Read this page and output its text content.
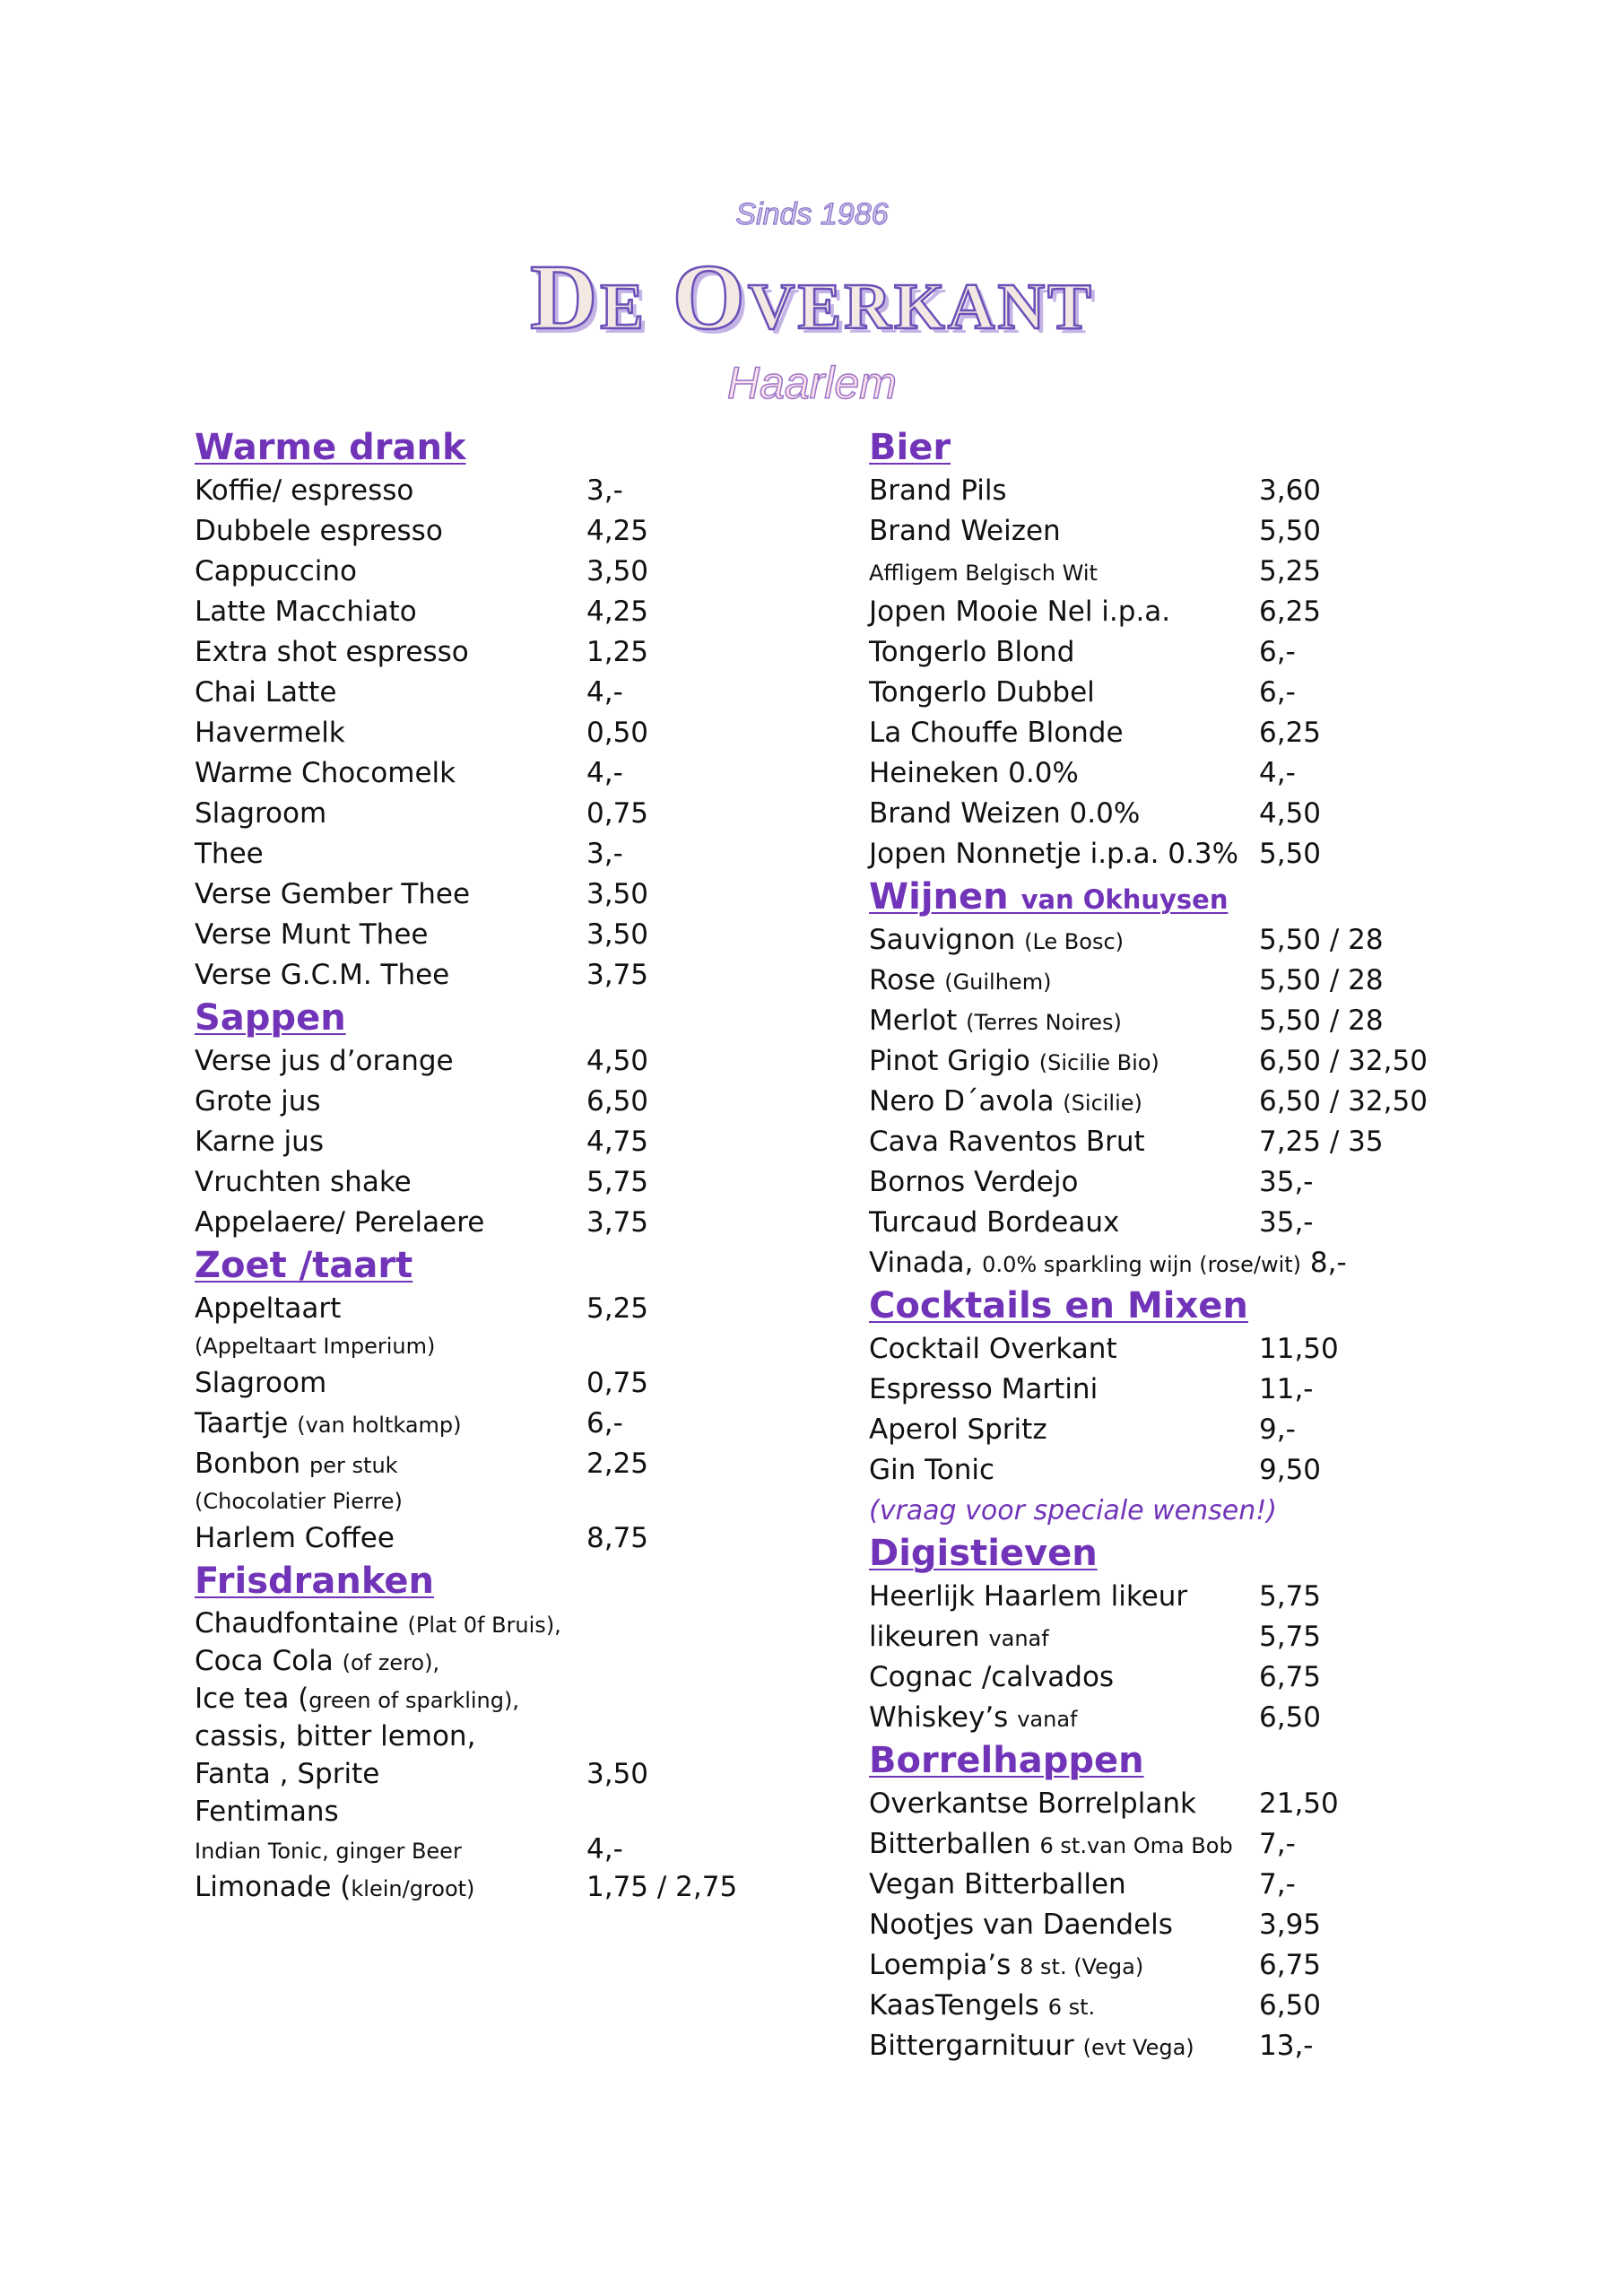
Sinds 1986
De Overkant
Haarlem
Warme drank
Koffie/ espresso	3,-
Dubbele espresso	4,25
Cappuccino	3,50
Latte Macchiato	4,25
Extra shot espresso	1,25
Chai Latte	4,-
Havermelk	0,50
Warme Chocomelk	4,-
Slagroom	0,75
Thee	3,-
Verse Gember Thee	3,50
Verse Munt Thee	3,50
Verse G.C.M. Thee	3,75
Sappen
Verse jus d’orange	4,50
Grote jus	6,50
Karne jus	4,75
Vruchten shake	5,75
Appelaere/ Perelaere	3,75
Zoet /taart
Appeltaart	5,25
(Appeltaart Imperium)
Slagroom	0,75
Taartje (van holtkamp)	6,-
Bonbon per stuk	2,25
(Chocolatier Pierre)
Harlem Coffee	8,75
Frisdranken
Chaudfontaine (Plat 0f Bruis),
Coca Cola (of zero),
Ice tea (green of sparkling),
cassis, bitter lemon,
Fanta , Sprite	3,50
Fentimans
Indian Tonic, ginger Beer	4,-
Limonade (klein/groot)	1,75 / 2,75
Bier
Brand Pils	3,60
Brand Weizen	5,50
Affligem Belgisch Wit	5,25
Jopen Mooie Nel i.p.a.	6,25
Tongerlo Blond	6,-
Tongerlo Dubbel	6,-
La Chouffe Blonde	6,25
Heineken 0.0%	4,-
Brand Weizen 0.0%	4,50
Jopen Nonnetje i.p.a. 0.3% 5,50
Wijnen van Okhuysen
Sauvignon (Le Bosc)	5,50 / 28
Rose (Guilhem)	5,50 / 28
Merlot (Terres Noires)	5,50 / 28
Pinot Grigio (Sicilie Bio)	6,50 / 32,50
Nero D´avola (Sicilie)	6,50 / 32,50
Cava Raventos Brut	7,25 / 35
Bornos Verdejo	35,-
Turcaud Bordeaux	35,-
Vinada, 0.0% sparkling wijn (rose/wit) 8,-
Cocktails en Mixen
Cocktail Overkant	11,50
Espresso Martini	11,-
Aperol Spritz	9,-
Gin Tonic	9,50
(vraag voor speciale wensen!)
Digistieven
Heerlijk Haarlem likeur	5,75
likeuren vanaf	5,75
Cognac /calvados	6,75
Whiskey’s vanaf	6,50
Borrelhappen
Overkantse Borrelplank 21,50
Bitterballen 6 st.van Oma Bob 7,-
Vegan Bitterballen	7,-
Nootjes van Daendels	3,95
Loempia’s 8 st. (Vega)	6,75
KaasTengels 6 st.	6,50
Bittergarnituur (evt Vega) 13,-
